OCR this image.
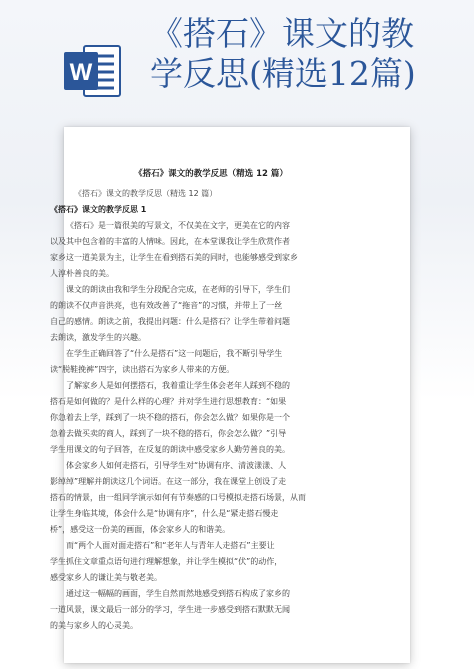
W
《搭石》课文的教
学反思(精选12篇)
《搭石》课文的教学反思（精选 12 篇）
《搭石》课文的教学反思（精选 12 篇）
《搭石》课文的教学反思 1
《搭石》是一篇很美的写景文，不仅美在文字，更美在它的内容
以及其中包含着的丰富的人情味。因此，在本堂课我让学生欣赏作者
家乡这一道美景为主，让学生在看到搭石美的同时，也能够感受到家乡
人淳朴善良的美。
课文的朗读由我和学生分段配合完成，在老师的引导下，学生们
的朗读不仅声音洪亮，也有效改善了“拖音”的习惯，并带上了一丝
自己的感情。朗读之前，我提出问题：什么是搭石？让学生带着问题
去朗读，激发学生的兴趣。
在学生正确回答了“什么是搭石”这一问题后，我不断引导学生
读“脱鞋挽裤”四字，读出搭石为家乡人带来的方便。
了解家乡人是如何摆搭石，我着重让学生体会老年人踩到不稳的
搭石是如何做的？是什么样的心理？并对学生进行思想教育：“如果
你急着去上学，踩到了一块不稳的搭石，你会怎么做？如果你是一个
急着去做买卖的商人，踩到了一块不稳的搭石，你会怎么做？”引导
学生用课文的句子回答，在反复的朗读中感受家乡人勤劳善良的美。
体会家乡人如何走搭石，引导学生对“协调有序、清波漾漾、人
影绰绰”理解并朗读这几个词语。在这一部分，我在课堂上创设了走
搭石的情景，由一组同学演示如何有节奏感的口号模拟走搭石场景，从而
让学生身临其境，体会什么是“协调有序”，什么是“紧走搭石慢走
桥”，感受这一份美的画面，体会家乡人的和谐美。
而“两个人面对面走搭石”和“老年人与青年人走搭石”主要让
学生抓住文章重点语句进行理解想象，并让学生模拟“伏”的动作，
感受家乡人的谦让美与敬老美。
通过这一幅幅的画面，学生自然而然地感受到搭石构成了家乡的
一道风景，课文最后一部分的学习，学生进一步感受到搭石默默无闻
的美与家乡人的心灵美。
